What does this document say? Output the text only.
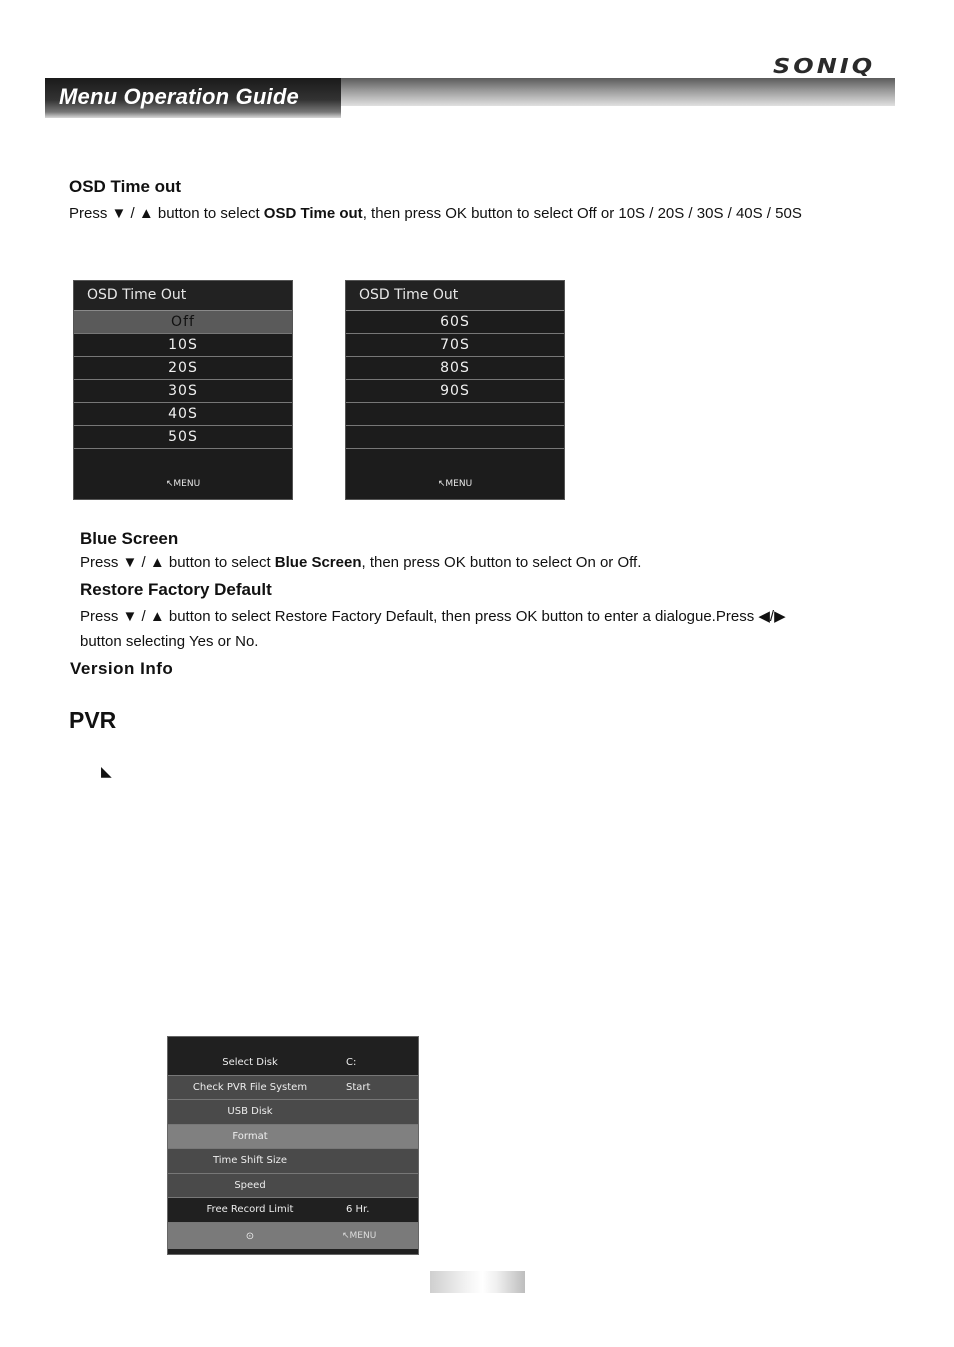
Menu Operation Guide
SONIQ
OSD Time out
Press ▼ / ▲ button to select OSD Time out, then press OK button to select Off or 10S / 20S / 30S / 40S / 50S
OSD Time Out
Off
10S
20S
30S
40S
50S
↖MENU
OSD Time Out
60S
70S
80S
90S
↖MENU
Blue Screen
Press ▼ / ▲ button to select Blue Screen, then press OK button to select On or Off.
Restore Factory Default
Press ▼ / ▲ button to select Restore Factory Default, then press OK button to enter a dialogue.Press ◀/▶
button selecting Yes or No.
Version Info
PVR
◣
Select Disk	C:
Check PVR File System	Start
USB Disk
Format
Time Shift Size
Speed
Free Record Limit	6 Hr.
⊙	↖MENU
